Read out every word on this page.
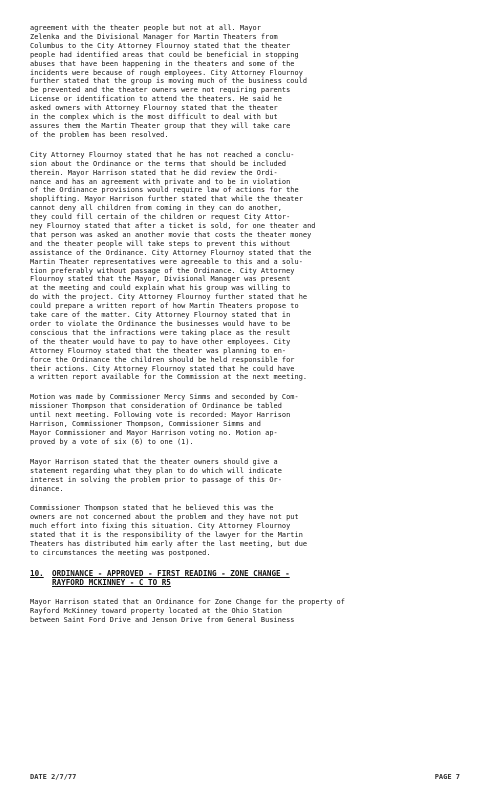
agreement with the theater people but not at all. Mayor
Zelenka and the Divisional Manager for Martin Theaters from
Columbus to the City Attorney Flournoy stated that the theater
people had identified areas that could be beneficial in stopping
abuses that have been happening in the theaters and some of the
incidents were because of rough employees. City Attorney Flournoy
further stated that the group is moving much of the business could
be prevented and the theater owners were not requiring parents
License or identification to attend the theaters. He said he
asked owners with Attorney Flournoy stated that the theater
in the complex which is the most difficult to deal with but
assures them the Martin Theater group that they will take care
of the problem has been resolved.

City Attorney Flournoy stated that he has not reached a conclu-
sion about the Ordinance or the terms that should be included
therein. Mayor Harrison stated that he did review the Ordi-
nance and has an agreement with private and to be in violation
of the Ordinance provisions would require law of actions for the
shoplifting. Mayor Harrison further stated that while the theater
cannot deny all children from coming in they can do another,
they could fill certain of the children or request City Attor-
ney Flournoy stated that after a ticket is sold, for one theater and
that person was asked an another movie that costs the theater money
and the theater people will take steps to prevent this without
assistance of the Ordinance. City Attorney Flournoy stated that the
Martin Theater representatives were agreeable to this and a solu-
tion preferably without passage of the Ordinance. City Attorney
Flournoy stated that the Mayor, Divisional Manager was present
at the meeting and could explain what his group was willing to
do with the project. City Attorney Flournoy further stated that he
could prepare a written report of how Martin Theaters propose to
take care of the matter. City Attorney Flournoy stated that in
order to violate the Ordinance the businesses would have to be
conscious that the infractions were taking place as the result
of the theater would have to pay to have other employees. City
Attorney Flournoy stated that the theater was planning to en-
force the Ordinance the children should be held responsible for
their actions. City Attorney Flournoy stated that he could have
a written report available for the Commission at the next meeting.

Motion was made by Commissioner Mercy Simms and seconded by Com-
missioner Thompson that consideration of Ordinance be tabled
until next meeting. Following vote is recorded: Mayor Harrison
Harrison, Commissioner Thompson, Commissioner Simms and
Mayor Commissioner and Mayor Harrison voting no. Motion ap-
proved by a vote of six (6) to one (1).

Mayor Harrison stated that the theater owners should give a
statement regarding what they plan to do which will indicate
interest in solving the problem prior to passage of this Or-
dinance.

Commissioner Thompson stated that he believed this was the
owners are not concerned about the problem and they have not put
much effort into fixing this situation. City Attorney Flournoy
stated that it is the responsibility of the lawyer for the Martin
Theaters has distributed him early after the last meeting, but due
to circumstances the meeting was postponed.

10.	ORDINANCE - APPROVED - FIRST READING - ZONE CHANGE -
RAYFORD MCKINNEY - C TO R5

Mayor Harrison stated that an Ordinance for Zone Change for the property of
Rayford McKinney toward property located at the Ohio Station
between Saint Ford Drive and Jenson Drive from General Business

DATE 2/7/77	PAGE 7
